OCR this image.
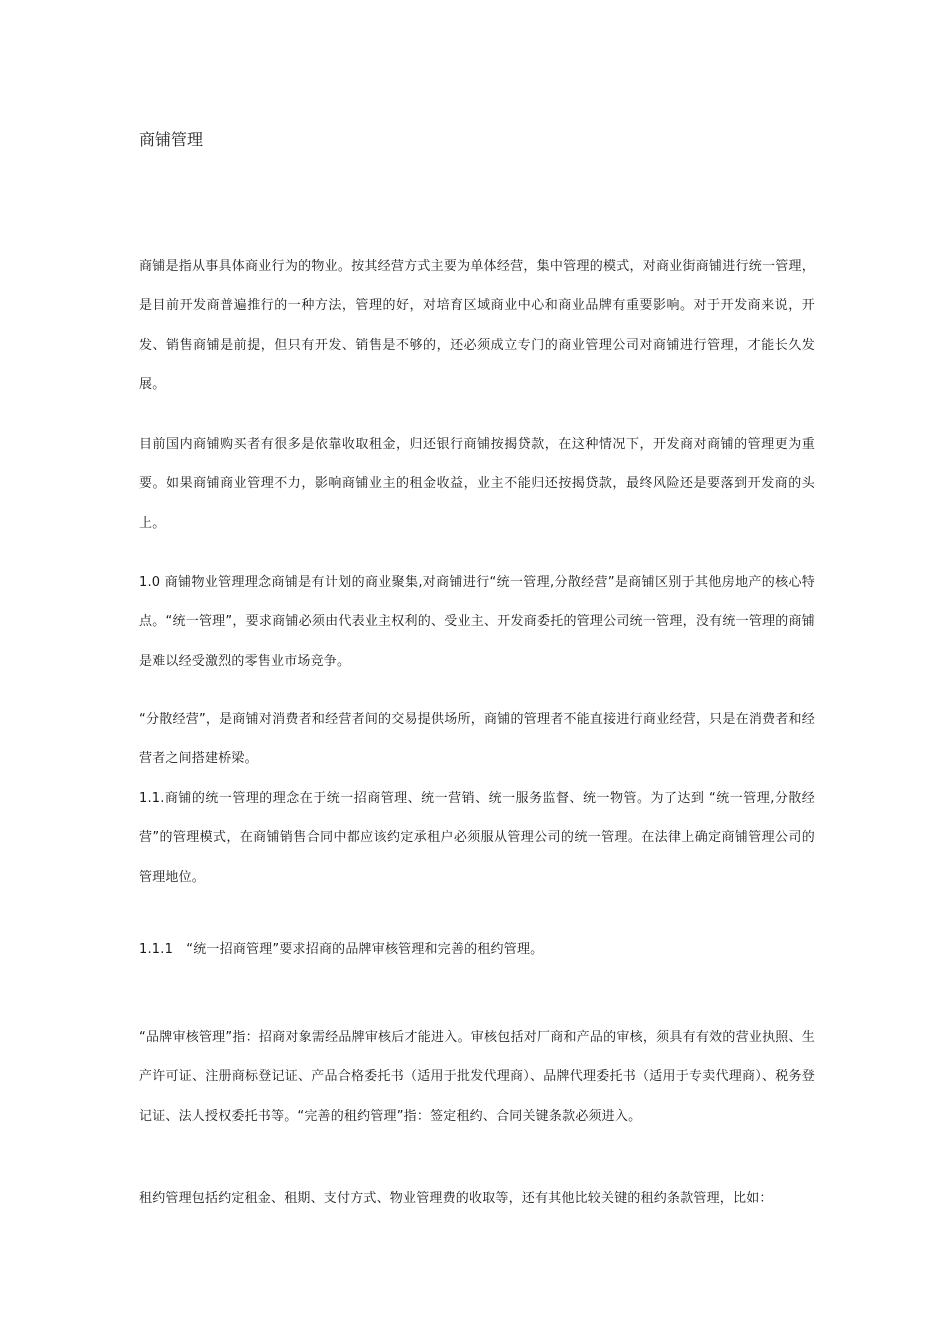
商铺管理

商铺是指从事具体商业行为的物业。按其经营方式主要为单体经营，集中管理的模式，对商业街商铺进行统一管理，是目前开发商普遍推行的一种方法，管理的好，对培育区域商业中心和商业品牌有重要影响。对于开发商来说，开发、销售商铺是前提，但只有开发、销售是不够的，还必须成立专门的商业管理公司对商铺进行管理，才能长久发展。

目前国内商铺购买者有很多是依靠收取租金，归还银行商铺按揭贷款，在这种情况下，开发商对商铺的管理更为重要。如果商铺商业管理不力，影响商铺业主的租金收益，业主不能归还按揭贷款，最终风险还是要落到开发商的头上。

1.0 商铺物业管理理念商铺是有计划的商业聚集,对商铺进行“统一管理,分散经营”是商铺区别于其他房地产的核心特点。“统一管理”，要求商铺必须由代表业主权利的、受业主、开发商委托的管理公司统一管理，没有统一管理的商铺是难以经受激烈的零售业市场竞争。

“分散经营”，是商铺对消费者和经营者间的交易提供场所，商铺的管理者不能直接进行商业经营，只是在消费者和经营者之间搭建桥梁。

1.1.商铺的统一管理的理念在于统一招商管理、统一营销、统一服务监督、统一物管。为了达到 “统一管理,分散经营”的管理模式，在商铺销售合同中都应该约定承租户必须服从管理公司的统一管理。在法律上确定商铺管理公司的管理地位。

1.1.1　“统一招商管理”要求招商的品牌审核管理和完善的租约管理。

“品牌审核管理”指：招商对象需经品牌审核后才能进入。审核包括对厂商和产品的审核，须具有有效的营业执照、生产许可证、注册商标登记证、产品合格委托书（适用于批发代理商）、品牌代理委托书（适用于专卖代理商）、税务登记证、法人授权委托书等。“完善的租约管理”指：签定租约、合同关键条款必须进入。

租约管理包括约定租金、租期、支付方式、物业管理费的收取等，还有其他比较关键的租约条款管理，比如：
